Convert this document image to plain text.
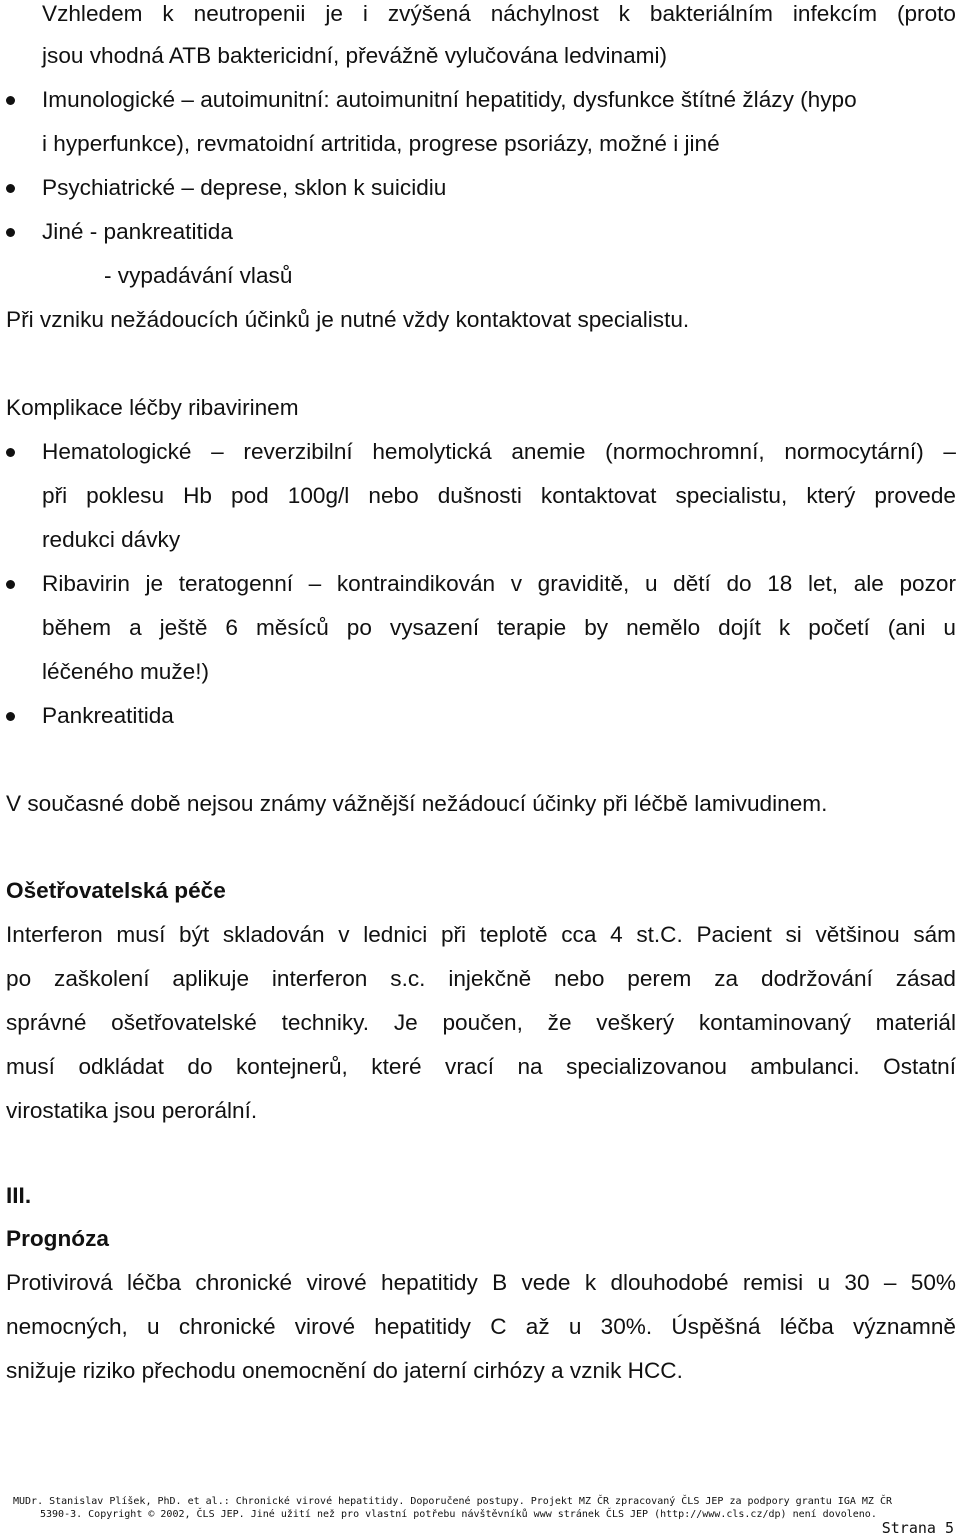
Vzhledem k neutropenii je i zvýšená náchylnost k bakteriálním infekcím (proto
jsou vhodná ATB baktericidní, převážně vylučována ledvinami)
Imunologické – autoimunitní: autoimunitní hepatitidy, dysfunkce štítné žlázy (hypo
i hyperfunkce), revmatoidní artritida, progrese psoriázy, možné i jiné
Psychiatrické – deprese, sklon k suicidiu
Jiné - pankreatitida
- vypadávání vlasů
Při vzniku nežádoucích účinků je nutné vždy kontaktovat specialistu.
Komplikace léčby ribavirinem
Hematologické – reverzibilní hemolytická anemie (normochromní, normocytární) –
při poklesu Hb pod 100g/l nebo dušnosti kontaktovat specialistu, který provede
redukci dávky
Ribavirin je teratogenní – kontraindikován v graviditě, u dětí do 18 let, ale pozor
během a ještě 6 měsíců po vysazení terapie by nemělo dojít k početí (ani u
léčeného muže!)
Pankreatitida
V současné době nejsou známy vážnější nežádoucí účinky při léčbě lamivudinem.
Ošetřovatelská péče
Interferon musí být skladován v lednici při teplotě cca 4 st.C. Pacient si většinou sám
po zaškolení aplikuje interferon s.c. injekčně nebo perem za dodržování zásad
správné ošetřovatelské techniky. Je poučen, že veškerý kontaminovaný materiál
musí odkládat do kontejnerů, které vrací na specializovanou ambulanci. Ostatní
virostatika jsou perorální.
III.
Prognóza
Protivirová léčba chronické virové hepatitidy B vede k dlouhodobé remisi u 30 – 50%
nemocných, u chronické virové hepatitidy C až u 30%. Úspěšná léčba významně
snižuje riziko přechodu onemocnění do jaterní cirhózy a vznik HCC.
MUDr. Stanislav Plíšek, PhD. et al.: Chronické virové hepatitidy. Doporučené postupy. Projekt MZ ČR zpracovaný ČLS JEP za podpory grantu IGA MZ ČR
5390-3. Copyright © 2002, ČLS JEP. Jiné užití než pro vlastní potřebu návštěvníků www stránek ČLS JEP (http://www.cls.cz/dp) není dovoleno.
Strana 5
